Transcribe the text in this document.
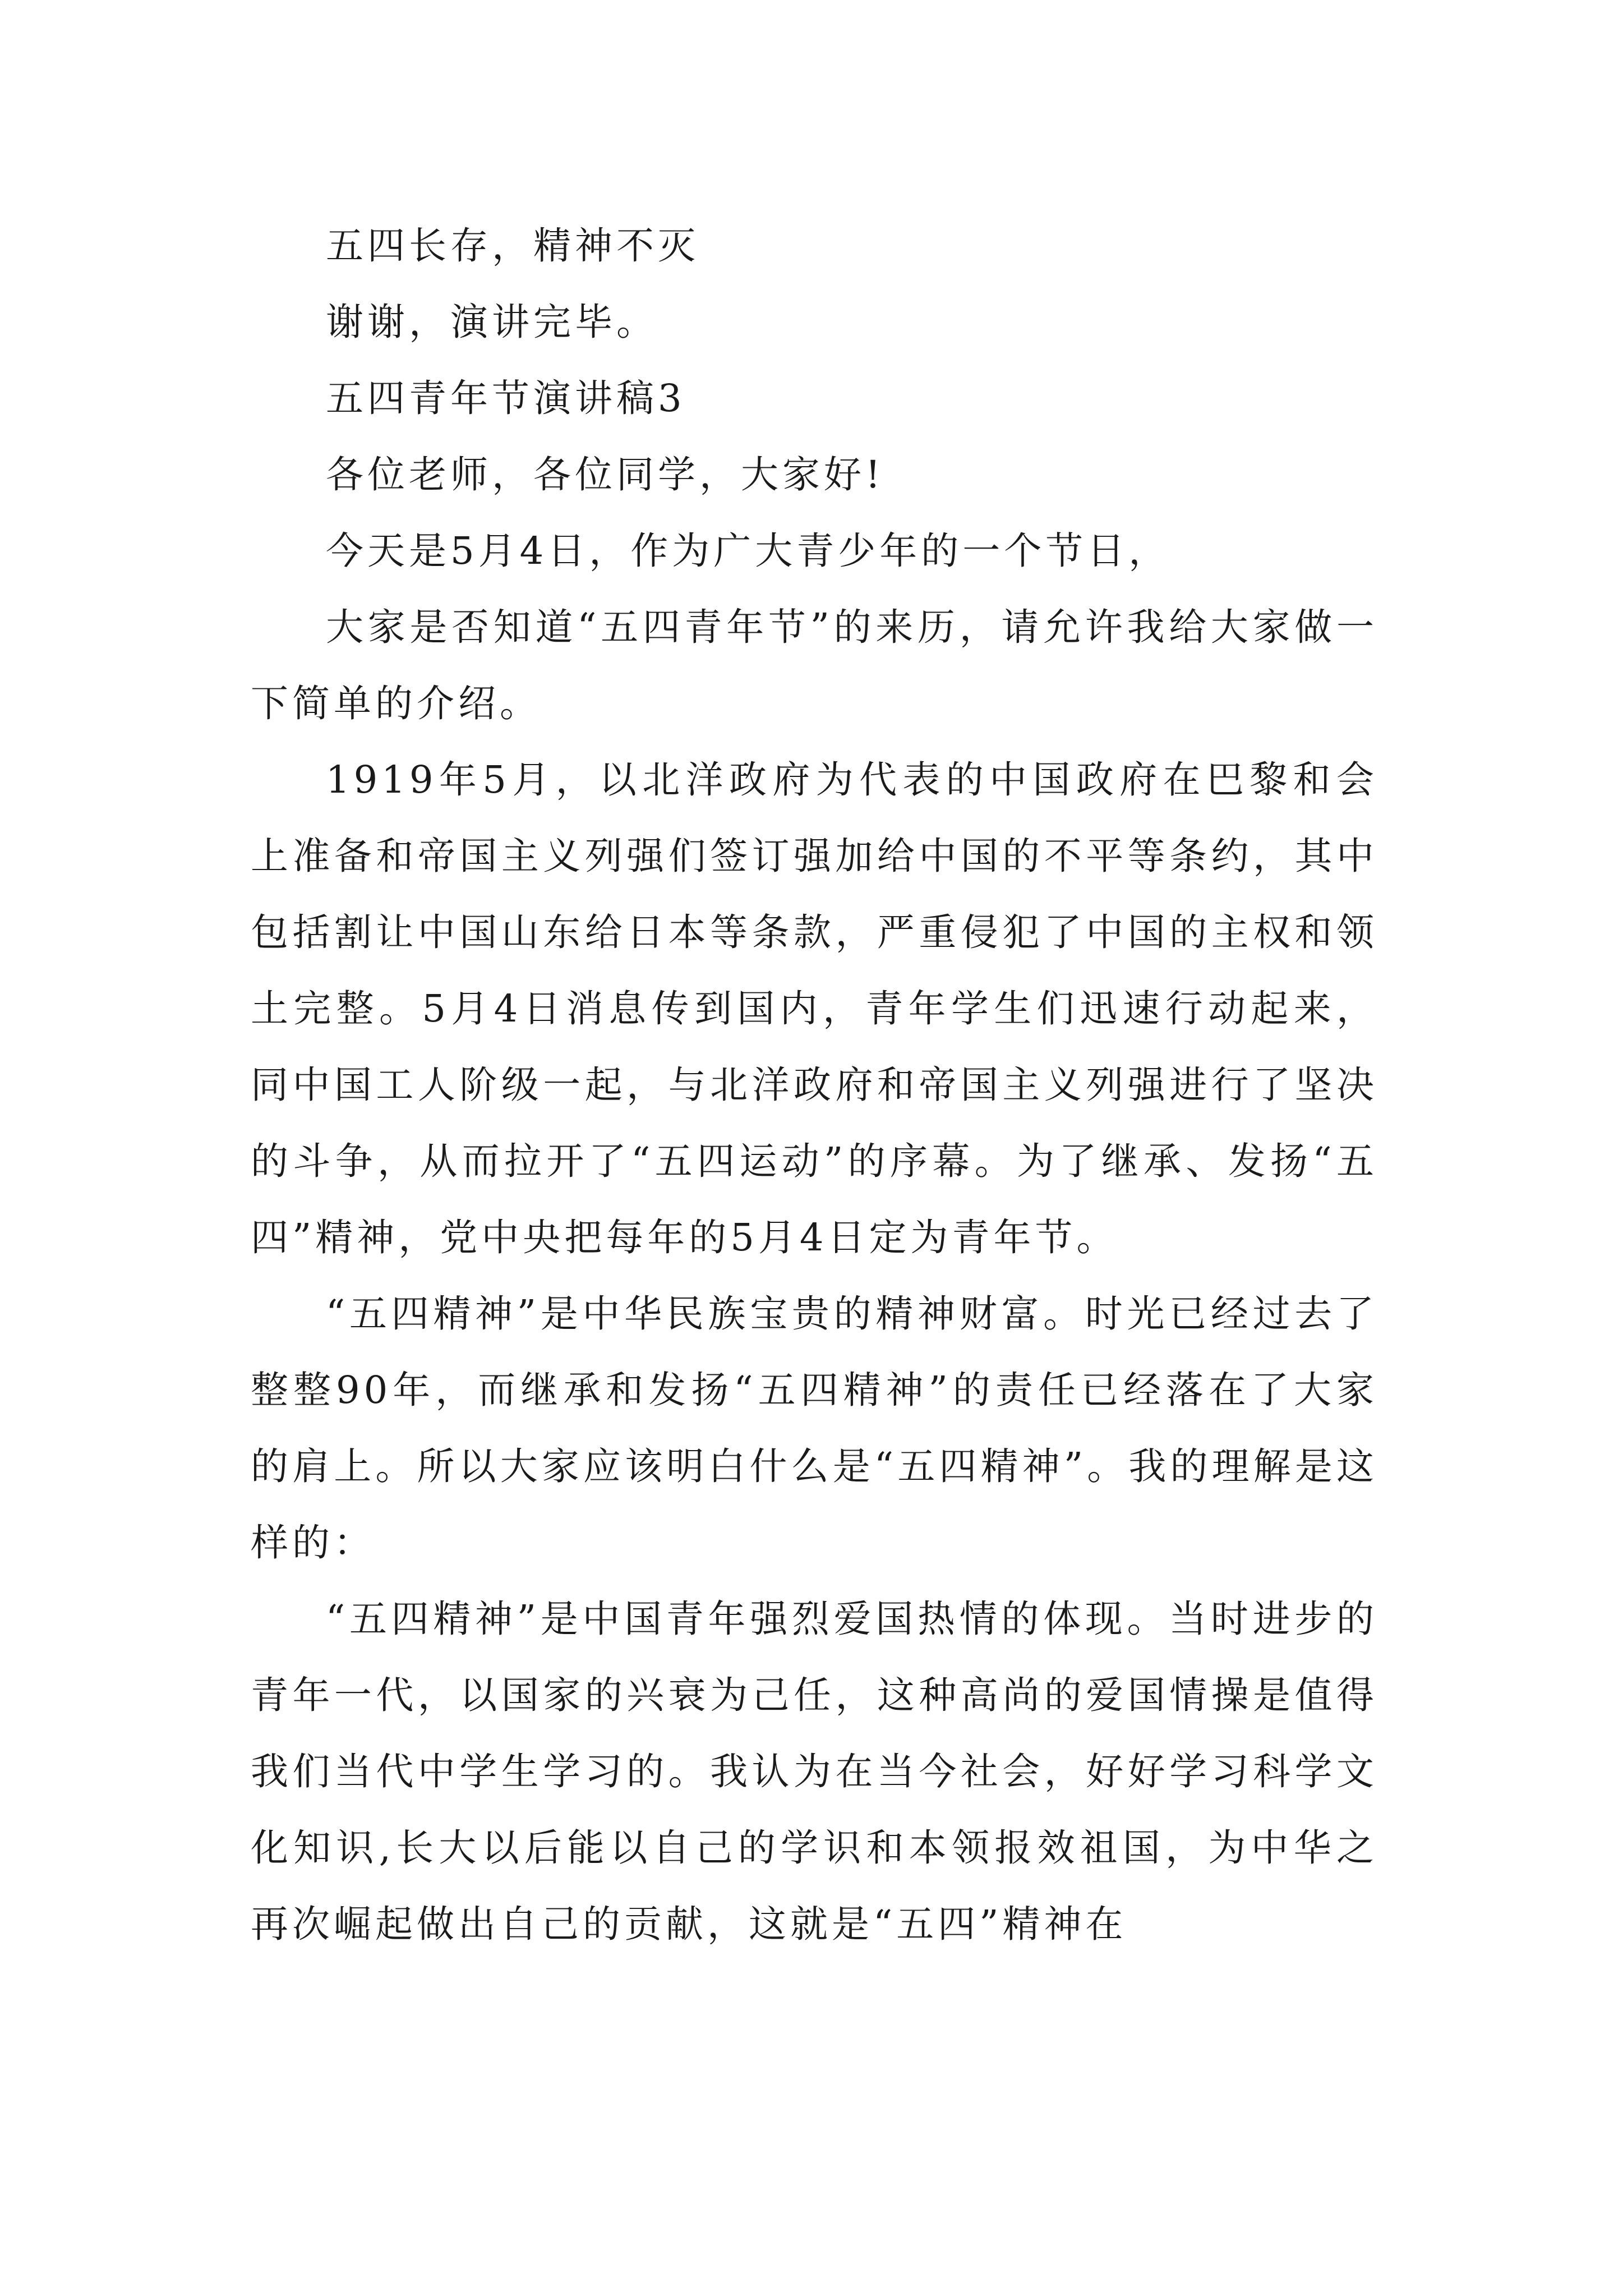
五四长存，精神不灭

谢谢，演讲完毕。

五四青年节演讲稿3

各位老师，各位同学，大家好!

今天是5月4日，作为广大青少年的一个节日，

大家是否知道“五四青年节”的来历，请允许我给大家做一下简单的介绍。

1919年5月，以北洋政府为代表的中国政府在巴黎和会上准备和帝国主义列强们签订强加给中国的不平等条约，其中包括割让中国山东给日本等条款，严重侵犯了中国的主权和领土完整。5月4日消息传到国内，青年学生们迅速行动起来，同中国工人阶级一起，与北洋政府和帝国主义列强进行了坚决的斗争，从而拉开了“五四运动”的序幕。为了继承、发扬“五四”精神，党中央把每年的5月4日定为青年节。

“五四精神”是中华民族宝贵的精神财富。时光已经过去了整整90年，而继承和发扬“五四精神”的责任已经落在了大家的肩上。所以大家应该明白什么是“五四精神”。我的理解是这样的：

“五四精神”是中国青年强烈爱国热情的体现。当时进步的青年一代，以国家的兴衰为己任，这种高尚的爱国情操是值得我们当代中学生学习的。我认为在当今社会，好好学习科学文化知识,长大以后能以自己的学识和本领报效祖国，为中华之再次崛起做出自己的贡献，这就是“五四”精神在
